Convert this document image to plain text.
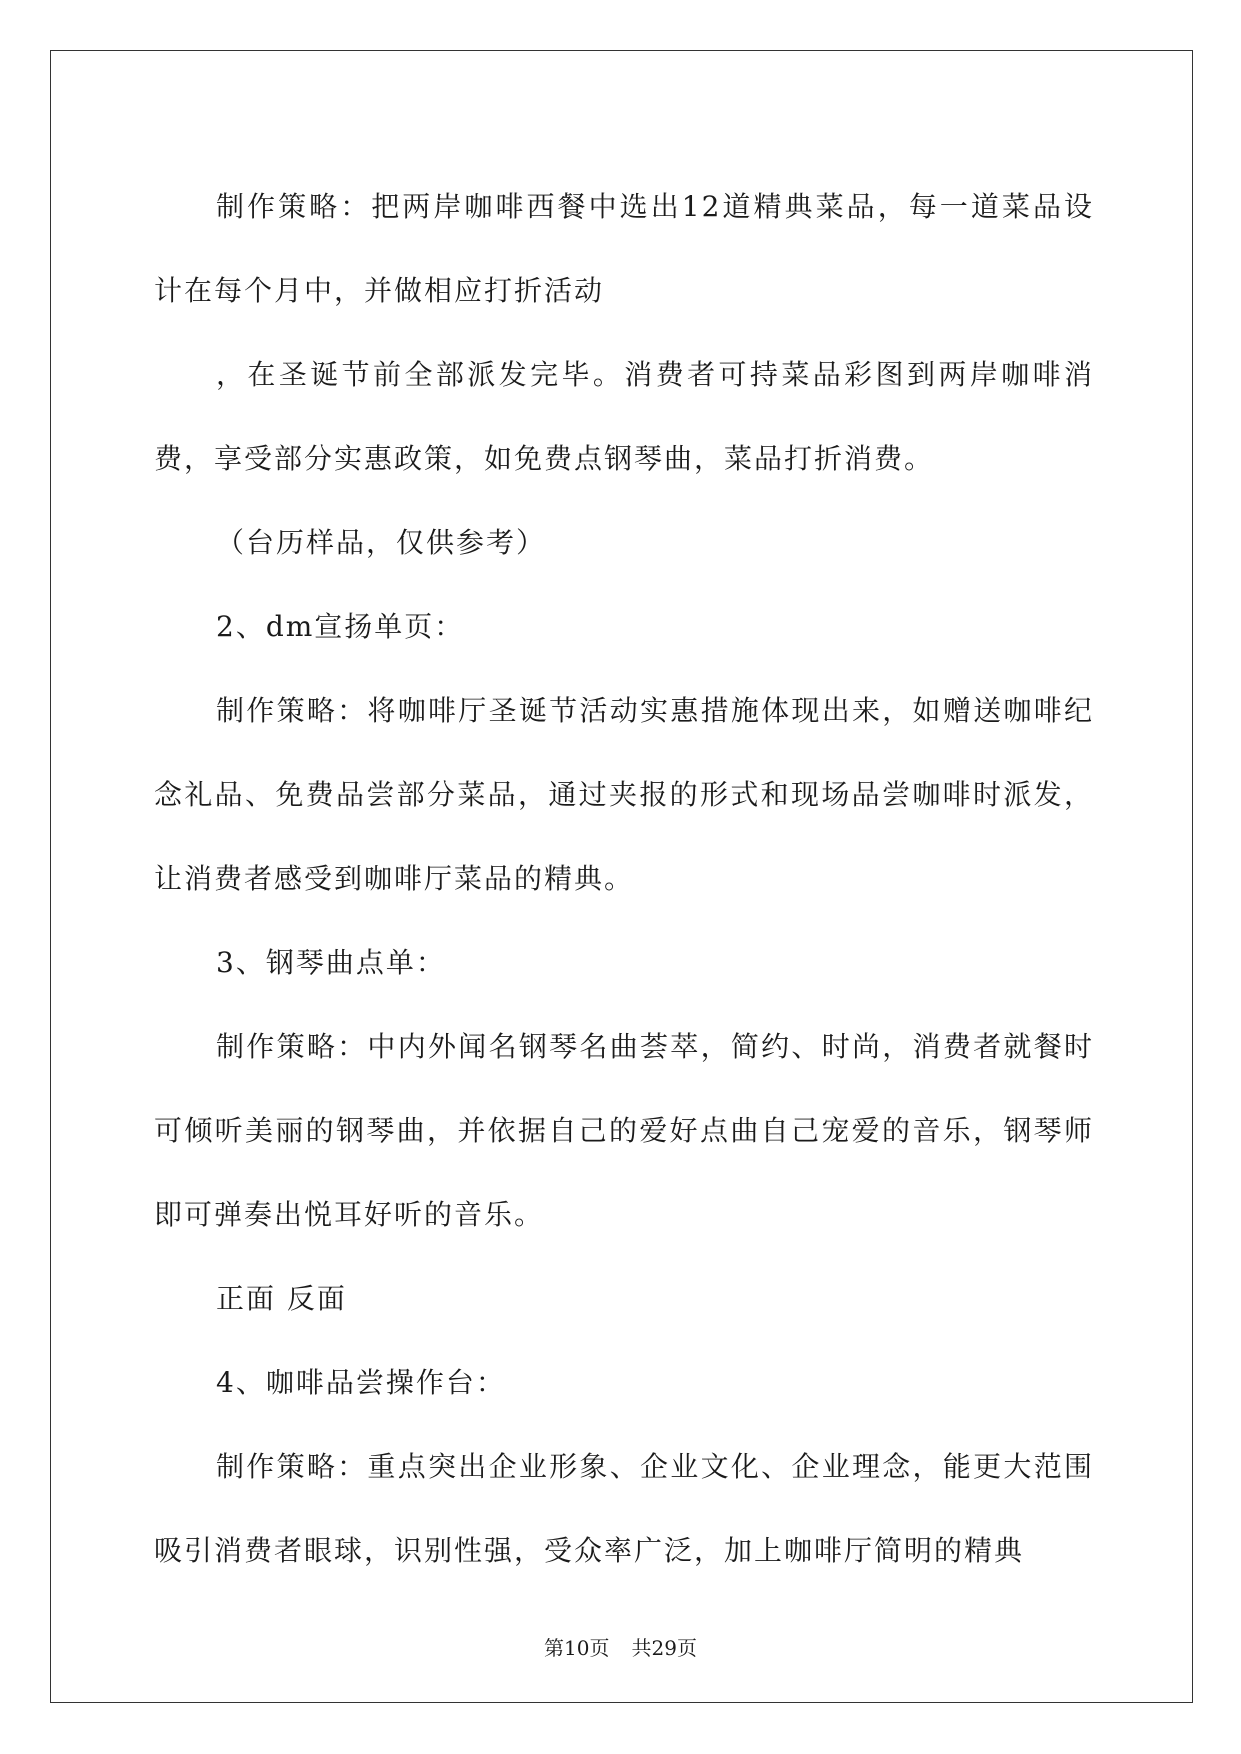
制作策略：把两岸咖啡西餐中选出12道精典菜品，每一道菜品设计在每个月中，并做相应打折活动

，在圣诞节前全部派发完毕。消费者可持菜品彩图到两岸咖啡消费，享受部分实惠政策，如免费点钢琴曲，菜品打折消费。

（台历样品，仅供参考）

2、dm宣扬单页：

制作策略：将咖啡厅圣诞节活动实惠措施体现出来，如赠送咖啡纪念礼品、免费品尝部分菜品，通过夹报的形式和现场品尝咖啡时派发，让消费者感受到咖啡厅菜品的精典。

3、钢琴曲点单：

制作策略：中内外闻名钢琴名曲荟萃，简约、时尚，消费者就餐时可倾听美丽的钢琴曲，并依据自己的爱好点曲自己宠爱的音乐，钢琴师即可弹奏出悦耳好听的音乐。

正面 反面

4、咖啡品尝操作台：

制作策略：重点突出企业形象、企业文化、企业理念，能更大范围吸引消费者眼球，识别性强，受众率广泛，加上咖啡厅简明的精典

第10页 共29页
